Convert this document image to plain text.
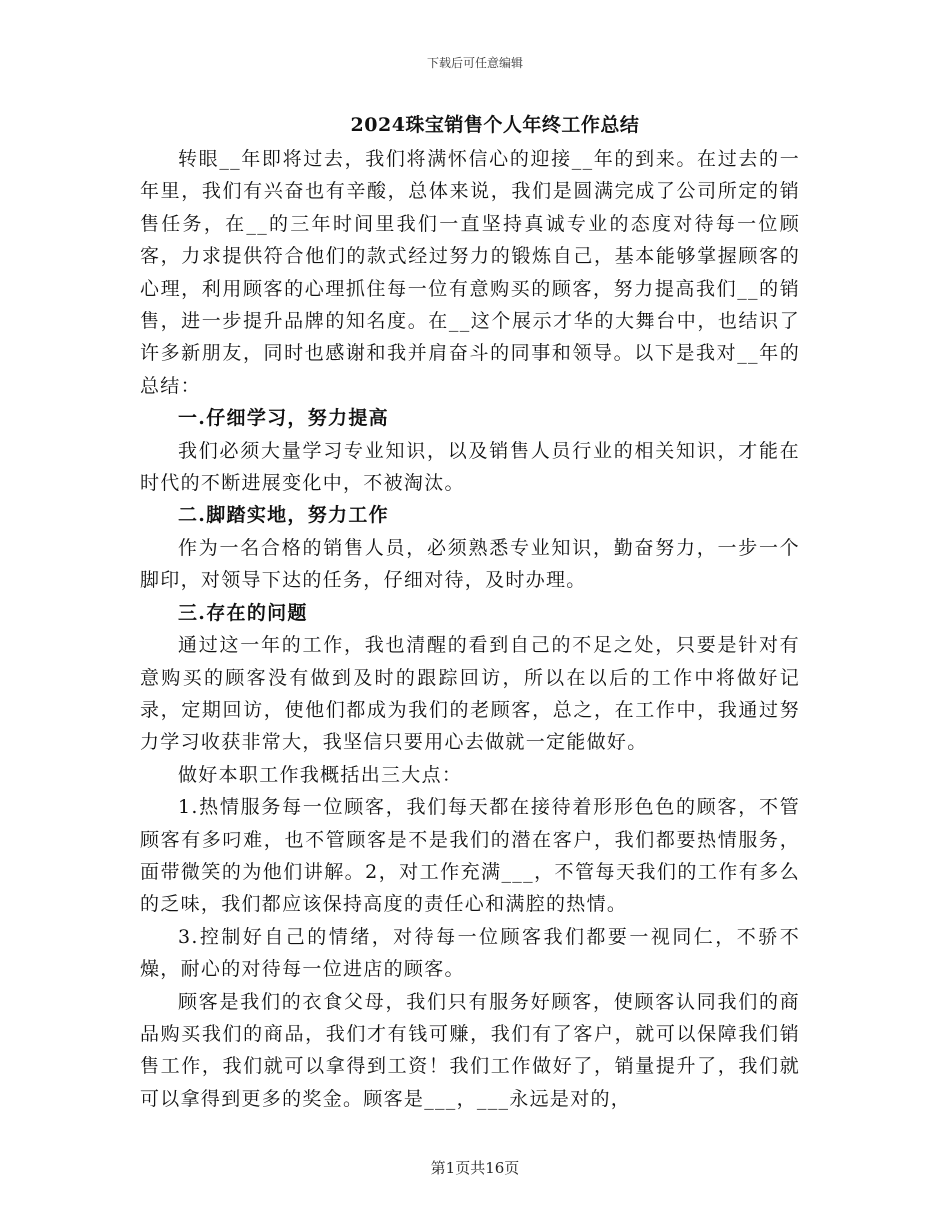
下载后可任意编辑
2024珠宝销售个人年终工作总结

转眼__年即将过去，我们将满怀信心的迎接__年的到来。在过去的一年里，我们有兴奋也有辛酸，总体来说，我们是圆满完成了公司所定的销售任务，在__的三年时间里我们一直坚持真诚专业的态度对待每一位顾客，力求提供符合他们的款式经过努力的锻炼自己，基本能够掌握顾客的心理，利用顾客的心理抓住每一位有意购买的顾客，努力提高我们__的销售，进一步提升品牌的知名度。在__这个展示才华的大舞台中，也结识了许多新朋友，同时也感谢和我并肩奋斗的同事和领导。以下是我对__年的总结：

一.仔细学习，努力提高

我们必须大量学习专业知识，以及销售人员行业的相关知识，才能在时代的不断进展变化中，不被淘汰。

二.脚踏实地，努力工作

作为一名合格的销售人员，必须熟悉专业知识，勤奋努力，一步一个脚印，对领导下达的任务，仔细对待，及时办理。

三.存在的问题

通过这一年的工作，我也清醒的看到自己的不足之处，只要是针对有意购买的顾客没有做到及时的跟踪回访，所以在以后的工作中将做好记录，定期回访，使他们都成为我们的老顾客，总之，在工作中，我通过努力学习收获非常大，我坚信只要用心去做就一定能做好。

做好本职工作我概括出三大点：

1.热情服务每一位顾客，我们每天都在接待着形形色色的顾客，不管顾客有多叼难，也不管顾客是不是我们的潜在客户，我们都要热情服务，面带微笑的为他们讲解。2，对工作充满___，不管每天我们的工作有多么的乏味，我们都应该保持高度的责任心和满腔的热情。

3.控制好自己的情绪，对待每一位顾客我们都要一视同仁，不骄不燥，耐心的对待每一位进店的顾客。

顾客是我们的衣食父母，我们只有服务好顾客，使顾客认同我们的商品购买我们的商品，我们才有钱可赚，我们有了客户，就可以保障我们销售工作，我们就可以拿得到工资！我们工作做好了，销量提升了，我们就可以拿得到更多的奖金。顾客是___，___永远是对的，

第1页共16页
